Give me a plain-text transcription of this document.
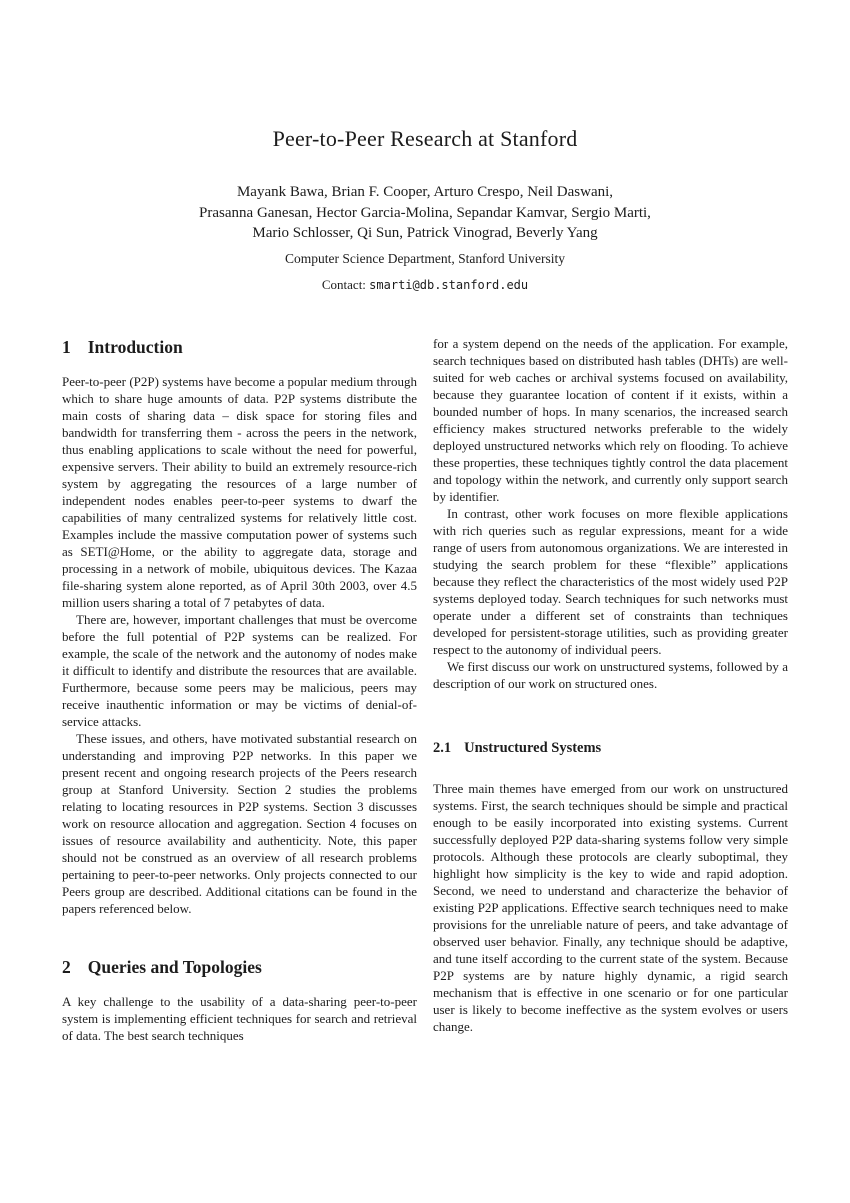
Peer-to-Peer Research at Stanford
Mayank Bawa, Brian F. Cooper, Arturo Crespo, Neil Daswani,
Prasanna Ganesan, Hector Garcia-Molina, Sepandar Kamvar, Sergio Marti,
Mario Schlosser, Qi Sun, Patrick Vinograd, Beverly Yang
Computer Science Department, Stanford University
Contact: smarti@db.stanford.edu
1 Introduction

Peer-to-peer (P2P) systems have become a popular medium through which to share huge amounts of data. P2P systems distribute the main costs of sharing data – disk space for storing files and bandwidth for transferring them - across the peers in the network, thus enabling applications to scale without the need for powerful, expensive servers. Their ability to build an extremely resource-rich system by aggregating the resources of a large number of independent nodes enables peer-to-peer systems to dwarf the capabilities of many centralized systems for relatively little cost. Examples include the massive computation power of systems such as SETI@Home, or the ability to aggregate data, storage and processing in a network of mobile, ubiquitous devices. The Kazaa file-sharing system alone reported, as of April 30th 2003, over 4.5 million users sharing a total of 7 petabytes of data.

There are, however, important challenges that must be overcome before the full potential of P2P systems can be realized. For example, the scale of the network and the autonomy of nodes make it difficult to identify and distribute the resources that are available. Furthermore, because some peers may be malicious, peers may receive inauthentic information or may be victims of denial-of-service attacks.

These issues, and others, have motivated substantial research on understanding and improving P2P networks. In this paper we present recent and ongoing research projects of the Peers research group at Stanford University. Section 2 studies the problems relating to locating resources in P2P systems. Section 3 discusses work on resource allocation and aggregation. Section 4 focuses on issues of resource availability and authenticity. Note, this paper should not be construed as an overview of all research problems pertaining to peer-to-peer networks. Only projects connected to our Peers group are described. Additional citations can be found in the papers referenced below.

2 Queries and Topologies

A key challenge to the usability of a data-sharing peer-to-peer system is implementing efficient techniques for search and retrieval of data. The best search techniques

for a system depend on the needs of the application. For example, search techniques based on distributed hash tables (DHTs) are well-suited for web caches or archival systems focused on availability, because they guarantee location of content if it exists, within a bounded number of hops. In many scenarios, the increased search efficiency makes structured networks preferable to the widely deployed unstructured networks which rely on flooding. To achieve these properties, these techniques tightly control the data placement and topology within the network, and currently only support search by identifier.

In contrast, other work focuses on more flexible applications with rich queries such as regular expressions, meant for a wide range of users from autonomous organizations. We are interested in studying the search problem for these “flexible” applications because they reflect the characteristics of the most widely used P2P systems deployed today. Search techniques for such networks must operate under a different set of constraints than techniques developed for persistent-storage utilities, such as providing greater respect to the autonomy of individual peers.

We first discuss our work on unstructured systems, followed by a description of our work on structured ones.

2.1 Unstructured Systems

Three main themes have emerged from our work on unstructured systems. First, the search techniques should be simple and practical enough to be easily incorporated into existing systems. Current successfully deployed P2P data-sharing systems follow very simple protocols. Although these protocols are clearly suboptimal, they highlight how simplicity is the key to wide and rapid adoption. Second, we need to understand and characterize the behavior of existing P2P applications. Effective search techniques need to make provisions for the unreliable nature of peers, and take advantage of observed user behavior. Finally, any technique should be adaptive, and tune itself according to the current state of the system. Because P2P systems are by nature highly dynamic, a rigid search mechanism that is effective in one scenario or for one particular user is likely to become ineffective as the system evolves or users change.
